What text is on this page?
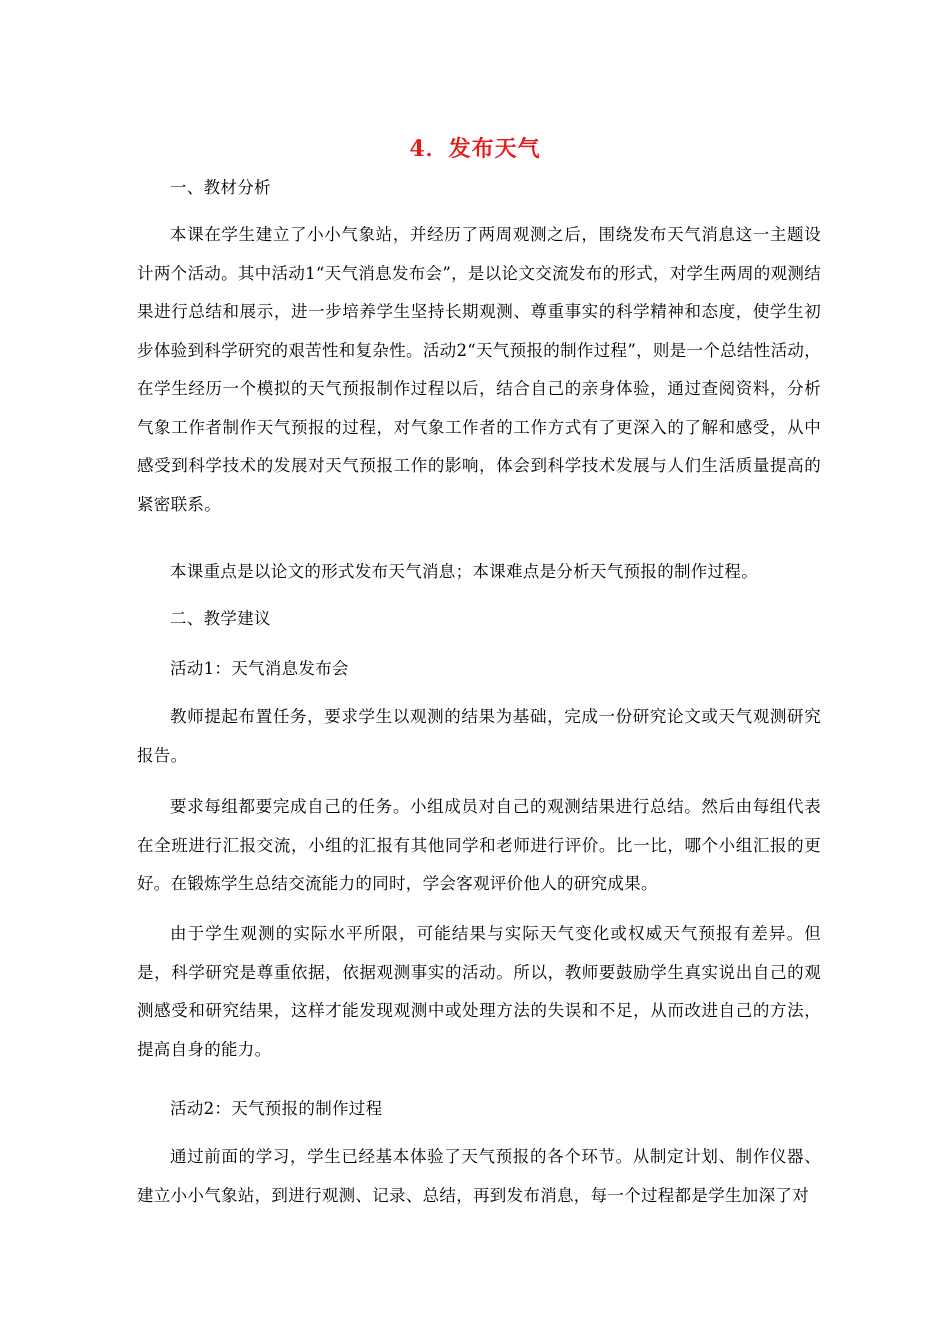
4．发布天气

一、教材分析

本课在学生建立了小小气象站，并经历了两周观测之后，围绕发布天气消息这一主题设计两个活动。其中活动1“天气消息发布会”，是以论文交流发布的形式，对学生两周的观测结果进行总结和展示，进一步培养学生坚持长期观测、尊重事实的科学精神和态度，使学生初步体验到科学研究的艰苦性和复杂性。活动2“天气预报的制作过程”，则是一个总结性活动，在学生经历一个模拟的天气预报制作过程以后，结合自己的亲身体验，通过查阅资料，分析气象工作者制作天气预报的过程，对气象工作者的工作方式有了更深入的了解和感受，从中感受到科学技术的发展对天气预报工作的影响，体会到科学技术发展与人们生活质量提高的紧密联系。

本课重点是以论文的形式发布天气消息；本课难点是分析天气预报的制作过程。

二、教学建议

活动1：天气消息发布会

教师提起布置任务，要求学生以观测的结果为基础，完成一份研究论文或天气观测研究报告。

要求每组都要完成自己的任务。小组成员对自己的观测结果进行总结。然后由每组代表在全班进行汇报交流，小组的汇报有其他同学和老师进行评价。比一比，哪个小组汇报的更好。在锻炼学生总结交流能力的同时，学会客观评价他人的研究成果。

由于学生观测的实际水平所限，可能结果与实际天气变化或权威天气预报有差异。但是，科学研究是尊重依据，依据观测事实的活动。所以，教师要鼓励学生真实说出自己的观测感受和研究结果，这样才能发现观测中或处理方法的失误和不足，从而改进自己的方法，提高自身的能力。

活动2：天气预报的制作过程

通过前面的学习，学生已经基本体验了天气预报的各个环节。从制定计划、制作仪器、建立小小气象站，到进行观测、记录、总结，再到发布消息，每一个过程都是学生加深了对
